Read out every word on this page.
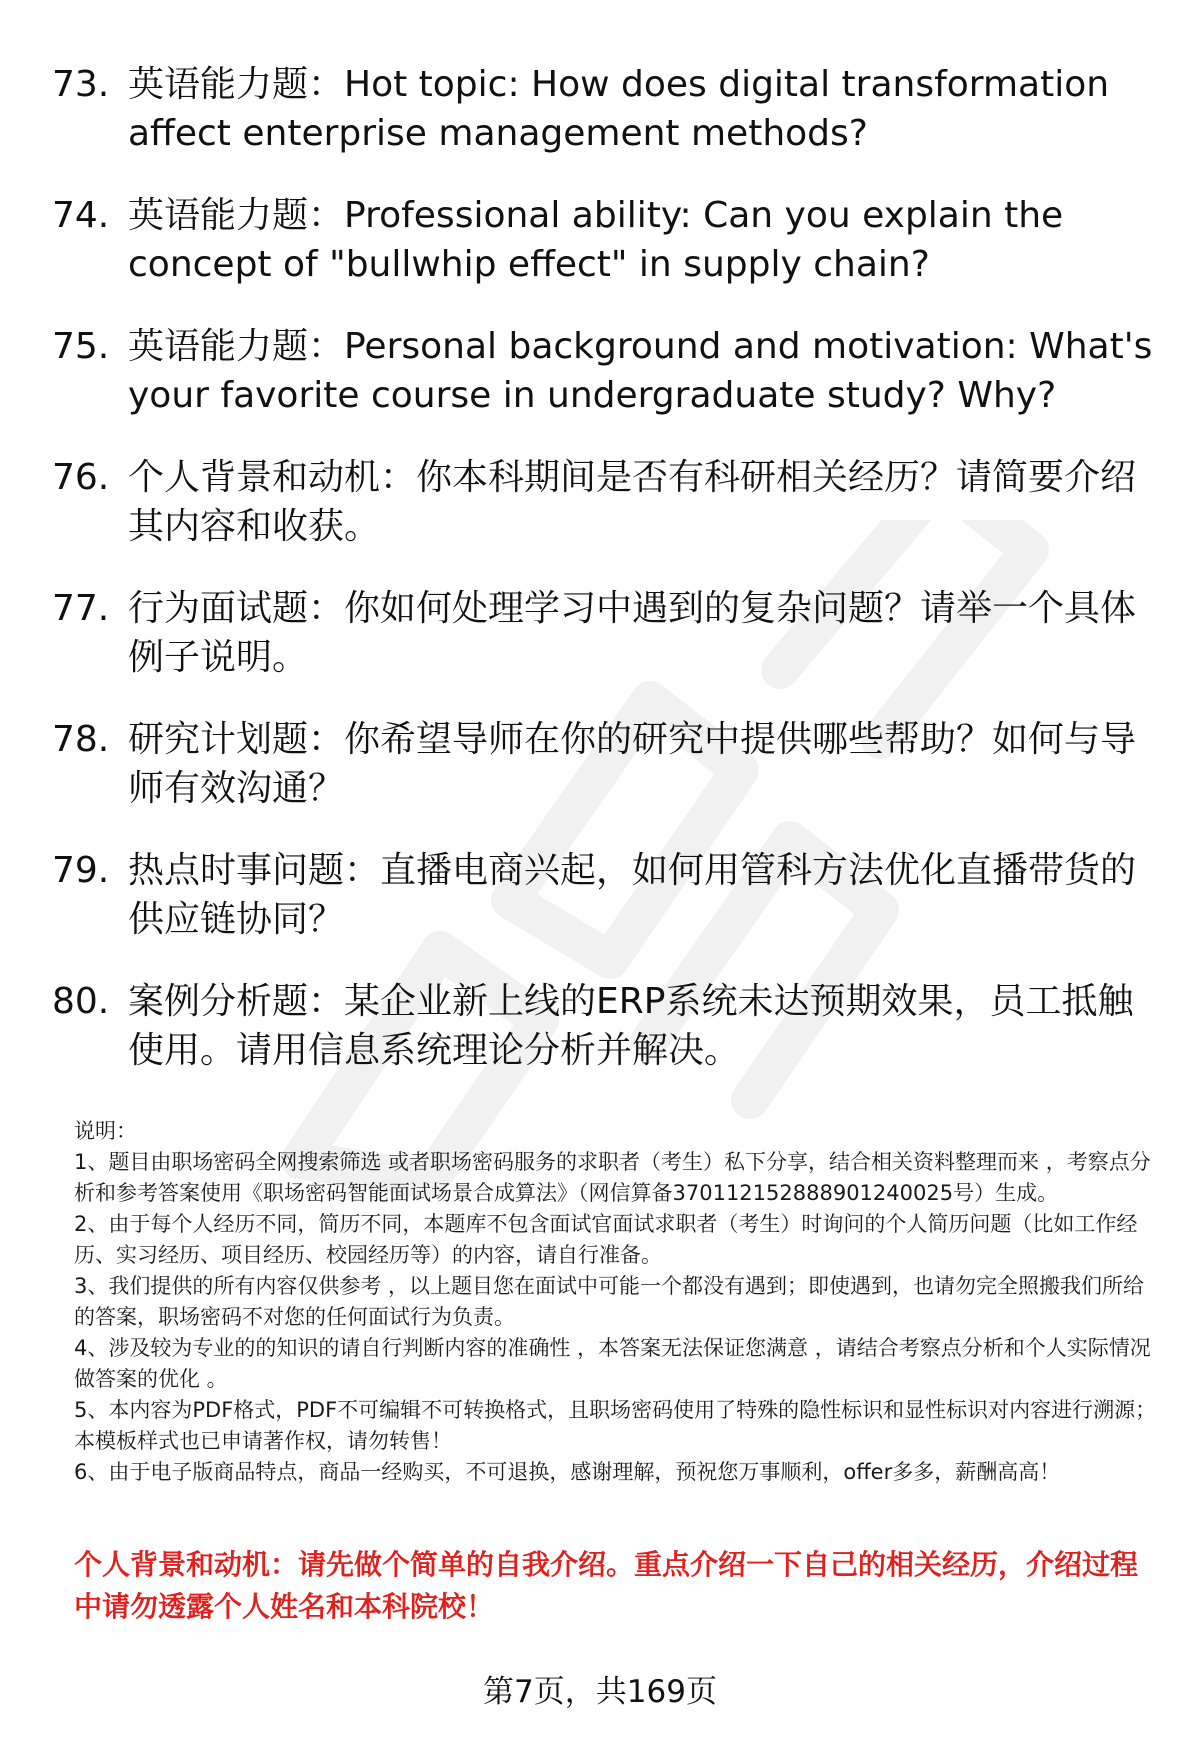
73. 英语能力题：Hot topic: How does digital transformation affect enterprise management methods?
74. 英语能力题：Professional ability: Can you explain the concept of "bullwhip effect" in supply chain?
75. 英语能力题：Personal background and motivation: What's your favorite course in undergraduate study? Why?
76. 个人背景和动机：你本科期间是否有科研相关经历？请简要介绍其内容和收获。
77. 行为面试题：你如何处理学习中遇到的复杂问题？请举一个具体例子说明。
78. 研究计划题：你希望导师在你的研究中提供哪些帮助？如何与导师有效沟通？
79. 热点时事问题：直播电商兴起，如何用管科方法优化直播带货的供应链协同？
80. 案例分析题：某企业新上线的ERP系统未达预期效果，员工抵触使用。请用信息系统理论分析并解决。

说明：

1、题目由职场密码全网搜索筛选 或者职场密码服务的求职者（考生）私下分享，结合相关资料整理而来 ，考察点分析和参考答案使用《职场密码智能面试场景合成算法》（网信算备370112152888901240025号）生成。

2、由于每个人经历不同，简历不同，本题库不包含面试官面试求职者（考生）时询问的个人简历问题（比如工作经历、实习经历、项目经历、校园经历等）的内容，请自行准备。

3、我们提供的所有内容仅供参考 ，以上题目您在面试中可能一个都没有遇到；即使遇到，也请勿完全照搬我们所给的答案，职场密码不对您的任何面试行为负责。

4、涉及较为专业的的知识的请自行判断内容的准确性 ，本答案无法保证您满意 ，请结合考察点分析和个人实际情况做答案的优化 。

5、本内容为PDF格式，PDF不可编辑不可转换格式，且职场密码使用了特殊的隐性标识和显性标识对内容进行溯源；本模板样式也已申请著作权，请勿转售！

6、由于电子版商品特点，商品一经购买，不可退换，感谢理解，预祝您万事顺利，offer多多，薪酬高高！

个人背景和动机：请先做个简单的自我介绍。重点介绍一下自己的相关经历，介绍过程中请勿透露个人姓名和本科院校！
第7页，共169页
